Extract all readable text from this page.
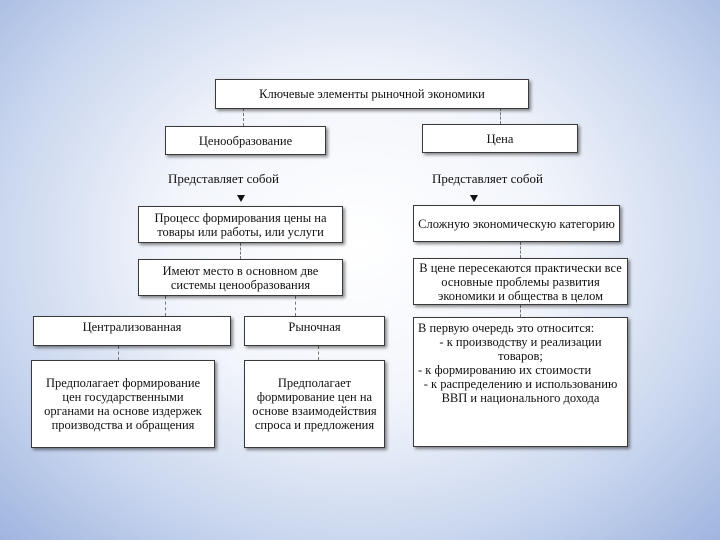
Ключевые элементы рыночной экономики
Ценообразование
Представляет собой
Процесс формирования цены на товары или работы, или услуги
Имеют место в основном две системы ценообразования
Централизованная	Рыночная
Предполагает формирование цен государственными органами на основе издержек производства и обращения
Предполагает формирование цен на основе взаимодействия спроса и предложения
Цена
Представляет собой
Сложную экономическую категорию
В цене пересекаются практически все основные проблемы развития экономики и общества в целом
В первую очередь это относится:
- к производству и реализации товаров;
- к формированию их стоимости
- к распределению и использованию ВВП и национального дохода
